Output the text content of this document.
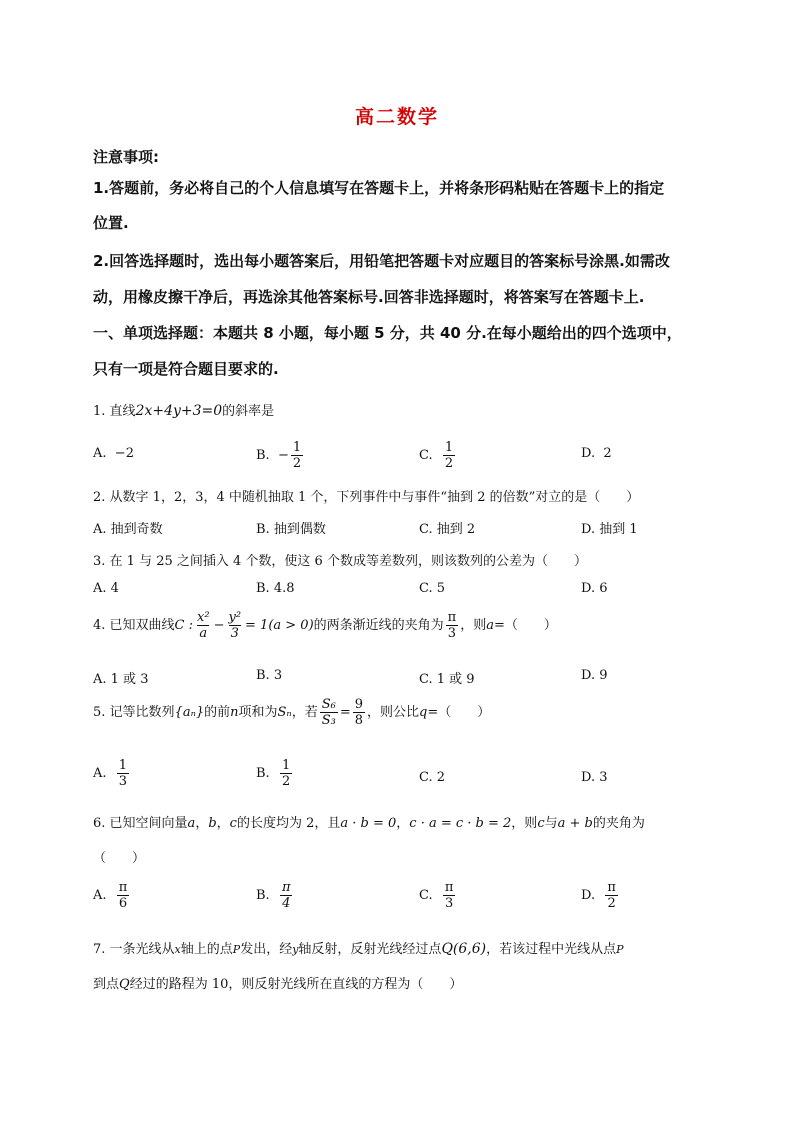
高二数学
注意事项:
1.答题前，务必将自己的个人信息填写在答题卡上，并将条形码粘贴在答题卡上的指定
位置.
2.回答选择题时，选出每小题答案后，用铅笔把答题卡对应题目的答案标号涂黑.如需改
动，用橡皮擦干净后，再选涂其他答案标号.回答非选择题时，将答案写在答题卡上.
一、单项选择题：本题共 8 小题，每小题 5 分，共 40 分.在每小题给出的四个选项中，
只有一项是符合题目要求的.
1. 直线2x+4y+3=0的斜率是
A. −2	B. − $\frac{1}{2}$	C. $\frac{1}{2}$	D. 2
2. 从数字 1，2，3，4 中随机抽取 1 个，下列事件中与事件“抽到 2 的倍数”对立的是（　　）
A. 抽到奇数	B. 抽到偶数	C. 抽到 2	D. 抽到 1
3. 在 1 与 25 之间插入 4 个数，使这 6 个数成等差数列，则该数列的公差为（　　）
A. 4	B. 4.8	C. 5	D. 6
4. 已知双曲线C : $\frac{\text{x²}}{a} - \frac{\text{y²}}{3} = 1(a > 0)$的两条渐近线的夹角为 $\frac{\pi}{3}$ ，则a=（　　）
A. 1 或 3	B. 3	C. 1 或 9	D. 9
5. 记等比数列{aₙ}的前n项和为Sₙ，若 $\frac{\text{S₆}}{\text{S₃}} = \frac{9}{8}$ ，则公比q=（　　）
A. $\frac{1}{3}$	B. $\frac{1}{2}$	C. 2	D. 3
6. 已知空间向量a，b，c的长度均为 2，且a · b = 0，c · a = c · b = 2，则c与a + b的夹角为
（　　）
A. $\frac{\pi}{6}$	B. $\frac{\pi}{4}$	C. $\frac{\pi}{3}$	D. $\frac{\pi}{2}$
7. 一条光线从x轴上的点P发出，经y轴反射，反射光线经过点Q(6,6)，若该过程中光线从点P
到点Q经过的路程为 10，则反射光线所在直线的方程为（　　）
